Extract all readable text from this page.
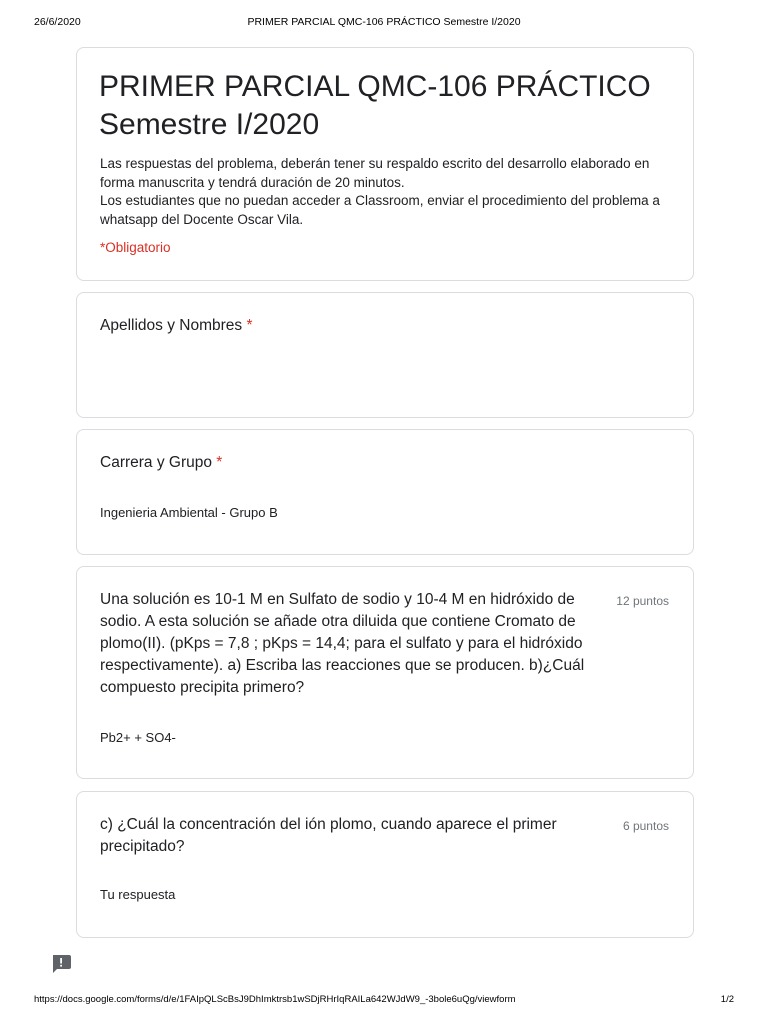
26/6/2020	PRIMER PARCIAL QMC-106 PRÁCTICO Semestre I/2020
PRIMER PARCIAL QMC-106 PRÁCTICO Semestre I/2020
Las respuestas del problema, deberán tener su respaldo escrito del desarrollo elaborado en forma manuscrita y tendrá duración de 20 minutos.
Los estudiantes que no puedan acceder a Classroom, enviar el procedimiento del problema a whatsapp del Docente Oscar Vila.
*Obligatorio
Apellidos y Nombres *
Carrera y Grupo *
Ingenieria Ambiental - Grupo B
Una solución es 10-1 M en Sulfato de sodio y 10-4 M en hidróxido de sodio. A esta solución se añade otra diluida que contiene Cromato de plomo(II). (pKps = 7,8 ; pKps = 14,4; para el sulfato y para el hidróxido respectivamente). a) Escriba las reacciones que se producen. b)¿Cuál compuesto precipita primero?
12 puntos
Pb2+ + SO4-
c) ¿Cuál la concentración del ión plomo, cuando aparece el primer precipitado?
6 puntos
Tu respuesta
https://docs.google.com/forms/d/e/1FAIpQLScBsJ9DhImktrsb1wSDjRHrIqRAILa642WJdW9_-3bole6uQg/viewform	1/2
